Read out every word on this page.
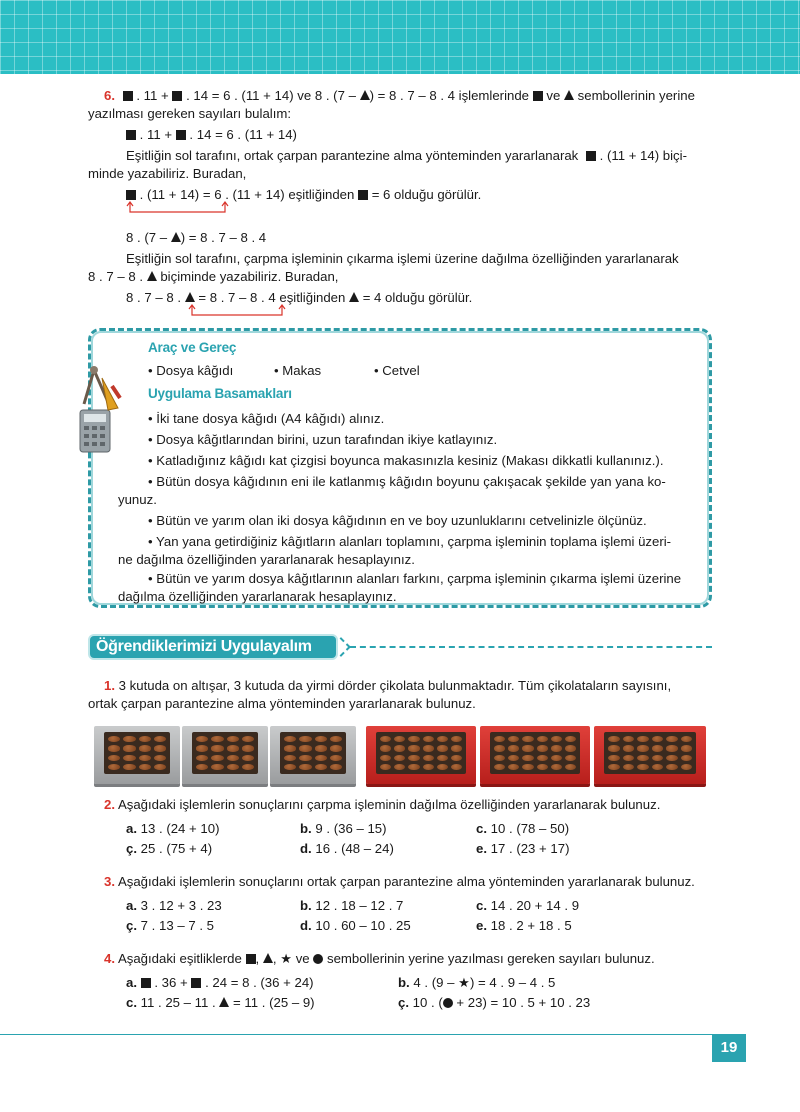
6. . 11 + . 14 = 6 . (11 + 14) ve 8 . (7 – ) = 8 . 7 – 8 . 4 işlemlerinde ve sembollerinin yerine
yazılması gereken sayıları bulalım:
. 11 + . 14 = 6 . (11 + 14)
Eşitliğin sol tarafını, ortak çarpan parantezine alma yönteminden yararlanarak . (11 + 14) biçi-
minde yazabiliriz. Buradan,
. (11 + 14) = 6 . (11 + 14) eşitliğinden = 6 olduğu görülür.
8 . (7 – ) = 8 . 7 – 8 . 4
Eşitliğin sol tarafını, çarpma işleminin çıkarma işlemi üzerine dağılma özelliğinden yararlanarak
8 . 7 – 8 . biçiminde yazabiliriz. Buradan,
8 . 7 – 8 . = 8 . 7 – 8 . 4 eşitliğinden = 4 olduğu görülür.
Araç ve Gereç
• Dosya kâğıdı	• Makas	• Cetvel
Uygulama Basamakları
• İki tane dosya kâğıdı (A4 kâğıdı) alınız.
• Dosya kâğıtlarından birini, uzun tarafından ikiye katlayınız.
• Katladığınız kâğıdı kat çizgisi boyunca makasınızla kesiniz (Makası dikkatli kullanınız.).
• Bütün dosya kâğıdının eni ile katlanmış kâğıdın boyunu çakışacak şekilde yan yana ko-
yunuz.
• Bütün ve yarım olan iki dosya kâğıdının en ve boy uzunluklarını cetvelinizle ölçünüz.
• Yan yana getirdiğiniz kâğıtların alanları toplamını, çarpma işleminin toplama işlemi üzeri-
ne dağılma özelliğinden yararlanarak hesaplayınız.
• Bütün ve yarım dosya kâğıtlarının alanları farkını, çarpma işleminin çıkarma işlemi üzerine
dağılma özelliğinden yararlanarak hesaplayınız.
Öğrendiklerimizi Uygulayalım
1. 3 kutuda on altışar, 3 kutuda da yirmi dörder çikolata bulunmaktadır. Tüm çikolataların sayısını,
ortak çarpan parantezine alma yönteminden yararlanarak bulunuz.
2. Aşağıdaki işlemlerin sonuçlarını çarpma işleminin dağılma özelliğinden yararlanarak bulunuz.
a. 13 . (24 + 10)	b. 9 . (36 – 15)	c. 10 . (78 – 50)
ç. 25 . (75 + 4)	d. 16 . (48 – 24)	e. 17 . (23 + 17)
3. Aşağıdaki işlemlerin sonuçlarını ortak çarpan parantezine alma yönteminden yararlanarak bulunuz.
a. 3 . 12 + 3 . 23	b. 12 . 18 – 12 . 7	c. 14 . 20 + 14 . 9
ç. 7 . 13 – 7 . 5	d. 10 . 60 – 10 . 25	e. 18 . 2 + 18 . 5
4. Aşağıdaki eşitliklerde , , ★ ve sembollerinin yerine yazılması gereken sayıları bulunuz.
a. . 36 + . 24 = 8 . (36 + 24)	b. 4 . (9 – ★) = 4 . 9 – 4 . 5
c. 11 . 25 – 11 . = 11 . (25 – 9)	ç. 10 . ( + 23) = 10 . 5 + 10 . 23
19
